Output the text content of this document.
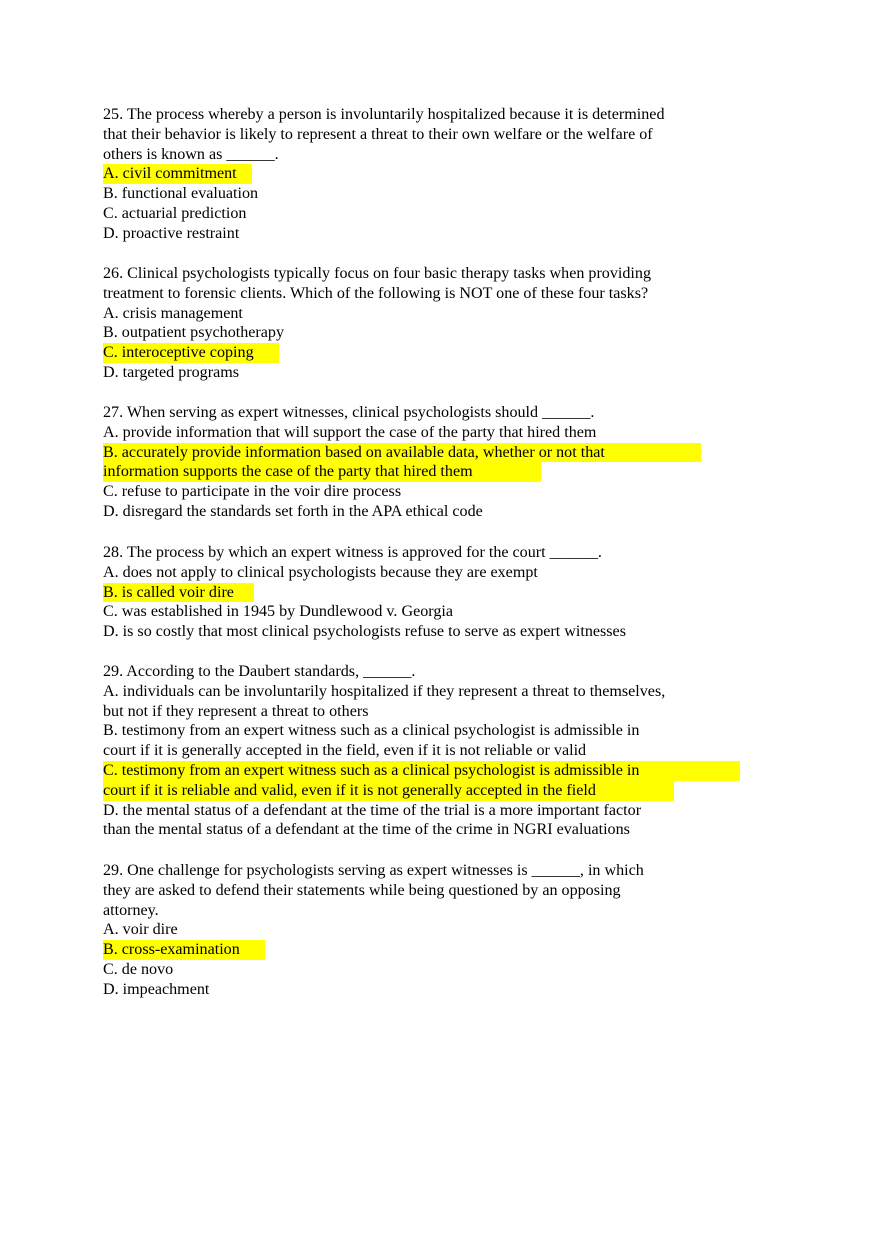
25. The process whereby a person is involuntarily hospitalized because it is determined
that their behavior is likely to represent a threat to their own welfare or the welfare of
others is known as ______.
A. civil commitment
B. functional evaluation
C. actuarial prediction
D. proactive restraint
26. Clinical psychologists typically focus on four basic therapy tasks when providing
treatment to forensic clients. Which of the following is NOT one of these four tasks?
A. crisis management
B. outpatient psychotherapy
C. interoceptive coping
D. targeted programs
27. When serving as expert witnesses, clinical psychologists should ______.
A. provide information that will support the case of the party that hired them
B. accurately provide information based on available data, whether or not that
information supports the case of the party that hired them
C. refuse to participate in the voir dire process
D. disregard the standards set forth in the APA ethical code
28. The process by which an expert witness is approved for the court ______.
A. does not apply to clinical psychologists because they are exempt
B. is called voir dire
C. was established in 1945 by Dundlewood v. Georgia
D. is so costly that most clinical psychologists refuse to serve as expert witnesses
29. According to the Daubert standards, ______.
A. individuals can be involuntarily hospitalized if they represent a threat to themselves,
but not if they represent a threat to others
B. testimony from an expert witness such as a clinical psychologist is admissible in
court if it is generally accepted in the field, even if it is not reliable or valid
C. testimony from an expert witness such as a clinical psychologist is admissible in
court if it is reliable and valid, even if it is not generally accepted in the field
D. the mental status of a defendant at the time of the trial is a more important factor
than the mental status of a defendant at the time of the crime in NGRI evaluations
29. One challenge for psychologists serving as expert witnesses is ______, in which
they are asked to defend their statements while being questioned by an opposing
attorney.
A. voir dire
B. cross-examination
C. de novo
D. impeachment
